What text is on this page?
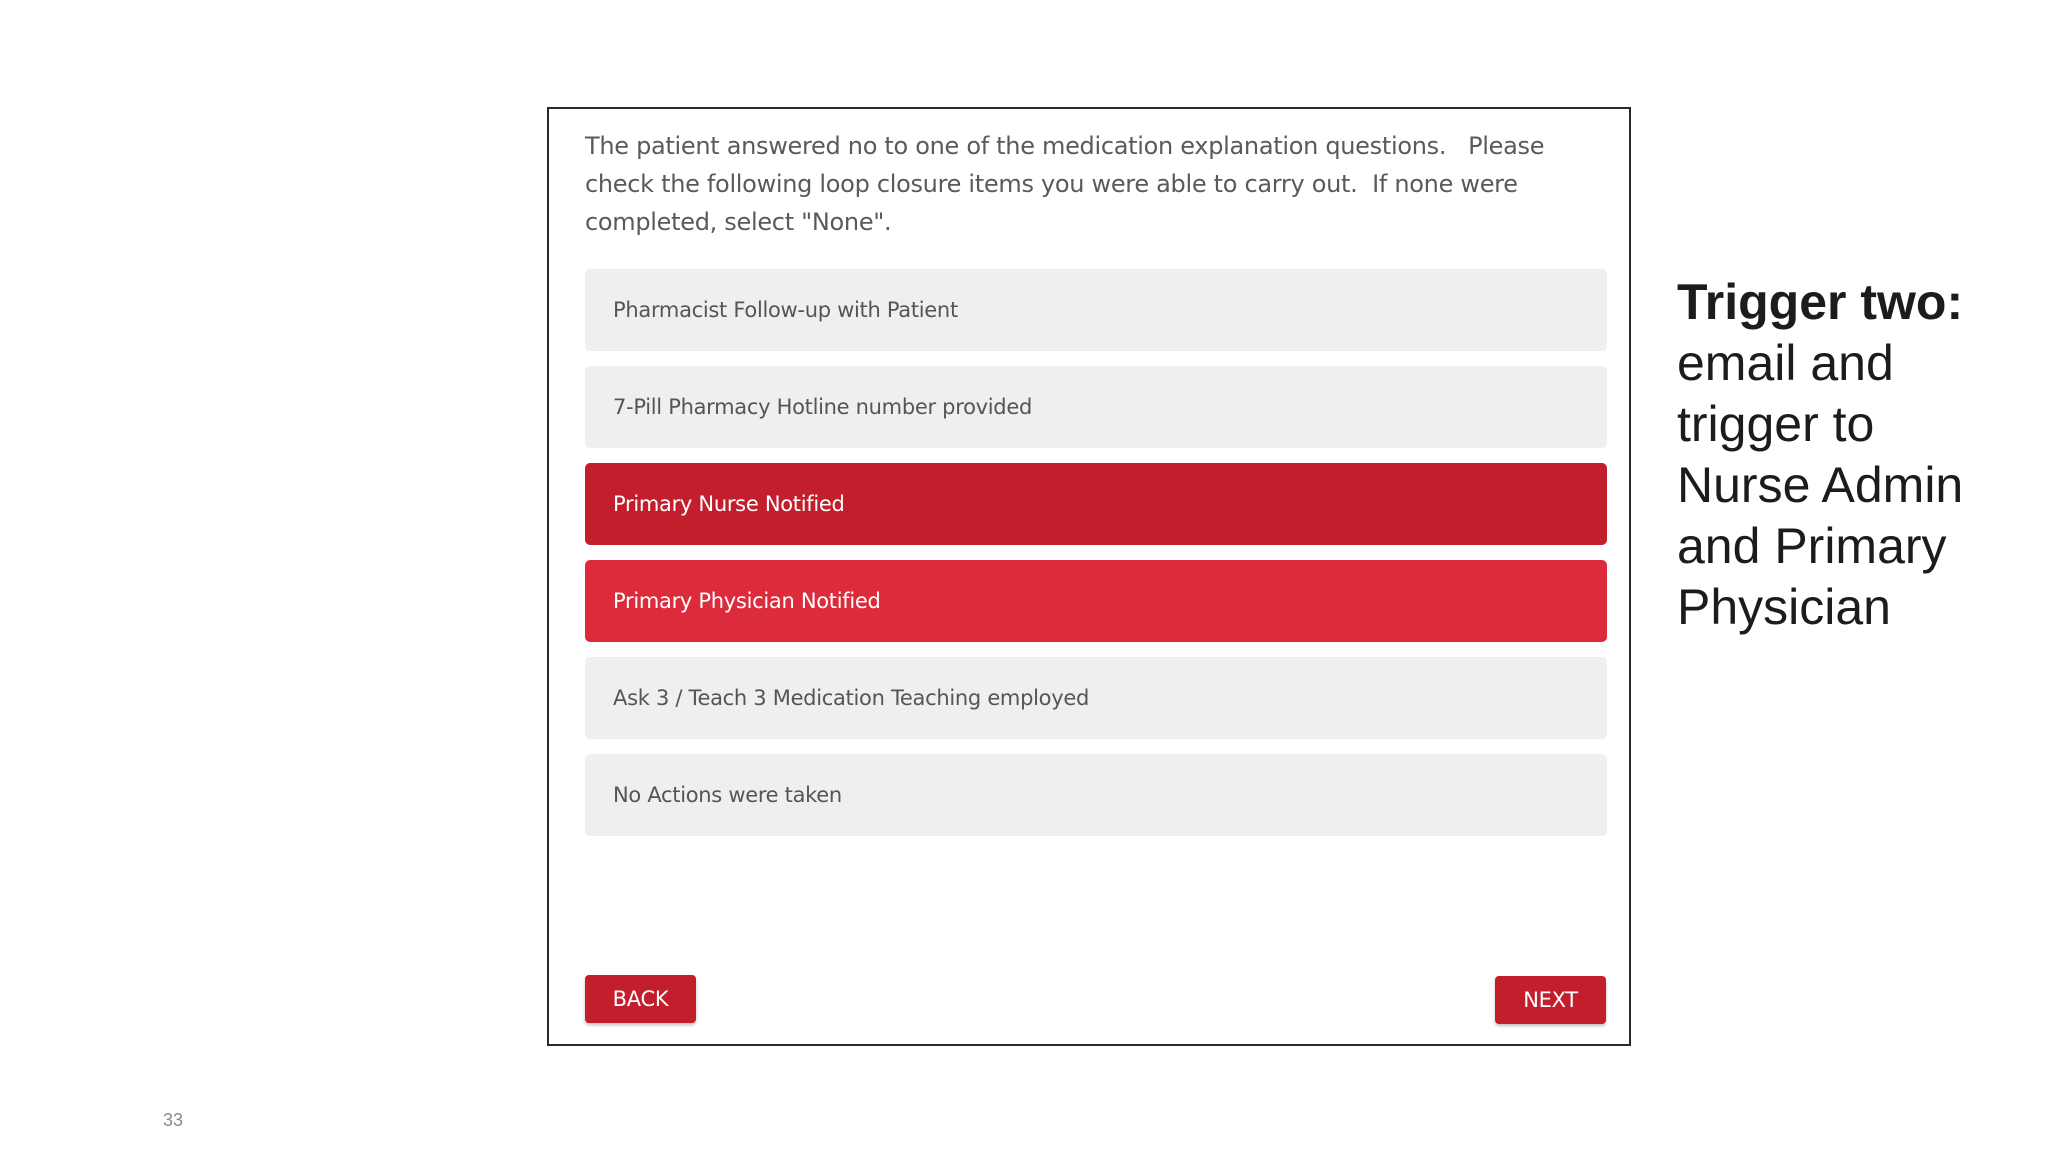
The patient answered no to one of the medication explanation questions.   Please check the following loop closure items you were able to carry out.  If none were completed, select "None".
Pharmacist Follow-up with Patient
7-Pill Pharmacy Hotline number provided
Primary Nurse Notified
Primary Physician Notified
Ask 3 / Teach 3 Medication Teaching employed
No Actions were taken
BACK	NEXT
Trigger two:
email and
trigger to
Nurse Admin
and Primary
Physician
33
